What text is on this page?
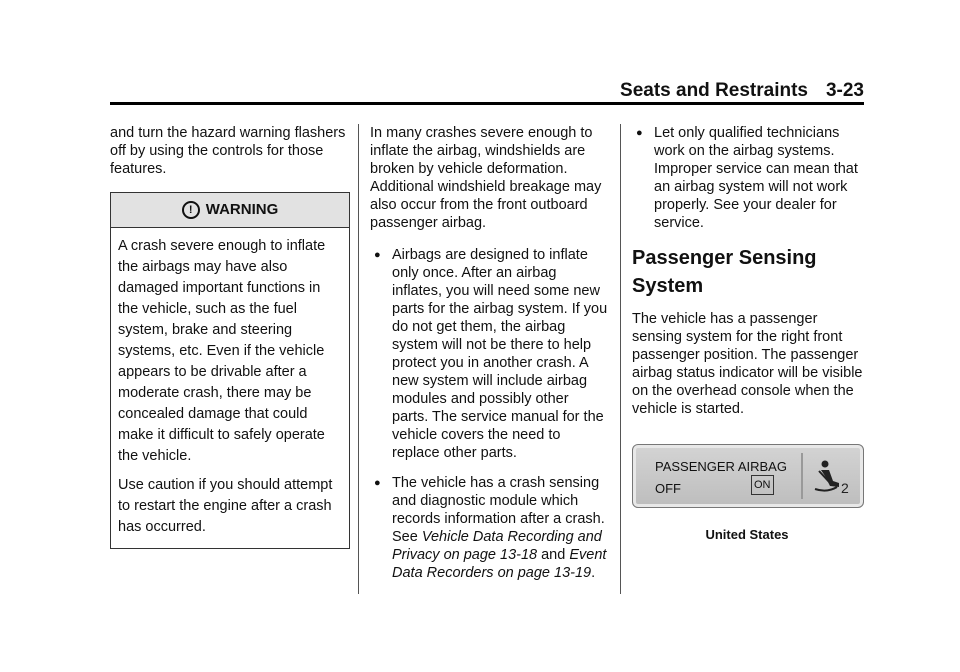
Seats and Restraints 3-23

and turn the hazard warning flashers off by using the controls for those features.

! WARNING

A crash severe enough to inflate the airbags may have also damaged important functions in the vehicle, such as the fuel system, brake and steering systems, etc. Even if the vehicle appears to be drivable after a moderate crash, there may be concealed damage that could make it difficult to safely operate the vehicle.

Use caution if you should attempt to restart the engine after a crash has occurred.

In many crashes severe enough to inflate the airbag, windshields are broken by vehicle deformation. Additional windshield breakage may also occur from the front outboard passenger airbag.

● Airbags are designed to inflate only once. After an airbag inflates, you will need some new parts for the airbag system. If you do not get them, the airbag system will not be there to help protect you in another crash. A new system will include airbag modules and possibly other parts. The service manual for the vehicle covers the need to replace other parts.
● The vehicle has a crash sensing and diagnostic module which records information after a crash. See Vehicle Data Recording and Privacy on page 13-18 and Event Data Recorders on page 13-19.
● Let only qualified technicians work on the airbag systems. Improper service can mean that an airbag system will not work properly. See your dealer for service.
Passenger Sensing System

The vehicle has a passenger sensing system for the right front passenger position. The passenger airbag status indicator will be visible on the overhead console when the vehicle is started.

PASSENGER AIRBAG
OFF	ON	2
United States
